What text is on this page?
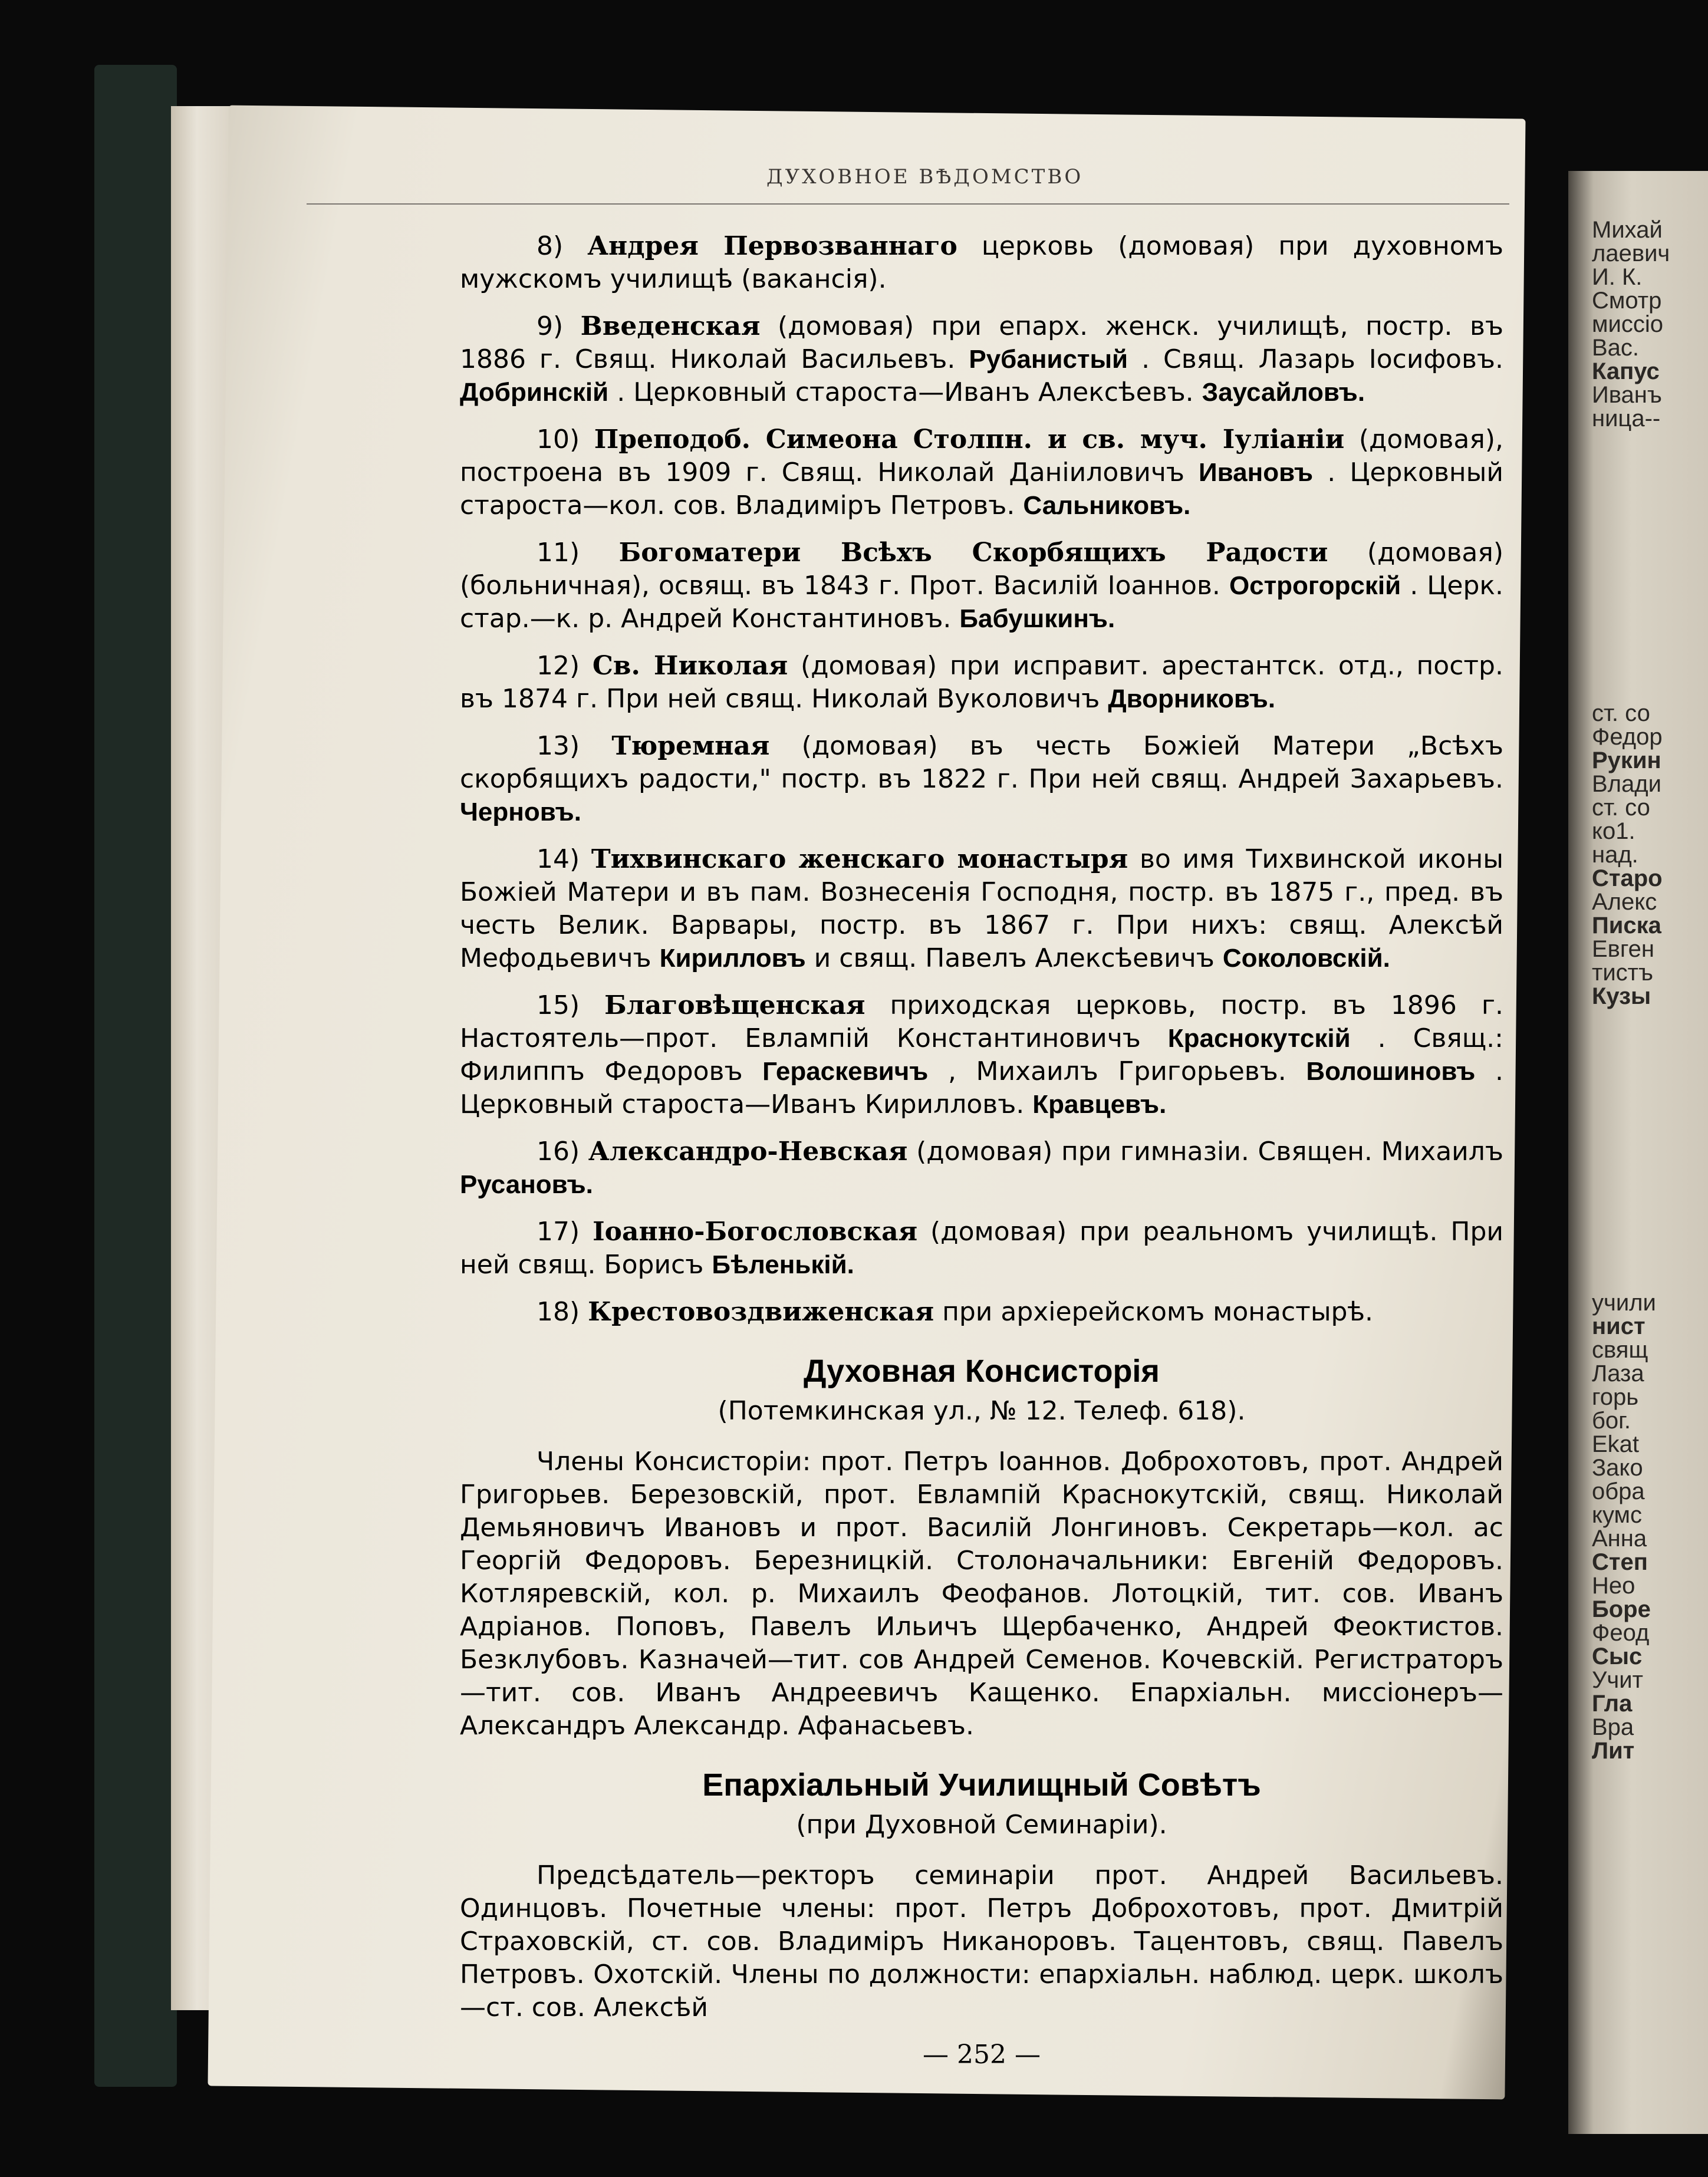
ДУХОВНОЕ ВѢДОМСТВО

8) Андрея Первозваннаго церковь (домовая) при духовномъ мужскомъ училищѣ (вакансія).

9) Введенская (домовая) при епарх. женск. училищѣ, постр. въ 1886 г. Свящ. Николай Васильевъ. Рубанистый . Свящ. Лазарь Іосифовъ. Добринскій . Церковный староста—Иванъ Алексѣевъ. Заусайловъ.

10) Преподоб. Симеона Столпн. и св. муч. Іуліаніи (домовая), построена въ 1909 г. Свящ. Николай Даніиловичъ Ивановъ . Церковный староста—кол. сов. Владиміръ Петровъ. Сальниковъ.

11) Богоматери Всѣхъ Скорбящихъ Радости (домовая) (больничная), освящ. въ 1843 г. Прот. Василій Іоаннов. Острогорскій . Церк. стар.—к. р. Андрей Константиновъ. Бабушкинъ.

12) Св. Николая (домовая) при исправит. арестантск. отд., постр. въ 1874 г. При ней свящ. Николай Вуколовичъ Дворниковъ.

13) Тюремная (домовая) въ честь Божіей Матери „Всѣхъ скорбящихъ радости," постр. въ 1822 г. При ней свящ. Андрей Захарьевъ. Черновъ.

14) Тихвинскаго женскаго монастыря во имя Тихвинской иконы Божіей Матери и въ пам. Вознесенія Господня, постр. въ 1875 г., пред. въ честь Велик. Варвары, постр. въ 1867 г. При нихъ: свящ. Алексѣй Мефодьевичъ Кирилловъ и свящ. Павелъ Алексѣевичъ Соколовскій.

15) Благовѣщенская приходская церковь, постр. въ 1896 г. Настоятель—прот. Евлампій Константиновичъ Краснокутскій . Свящ.: Филиппъ Федоровъ Гераскевичъ , Михаилъ Григорьевъ. Волошиновъ . Церковный староста—Иванъ Кирилловъ. Кравцевъ.

16) Александро-Невская (домовая) при гимназіи. Священ. Михаилъ Русановъ.

17) Іоанно-Богословская (домовая) при реальномъ училищѣ. При ней свящ. Борисъ Бѣленькій.

18) Крестовоздвиженская при архіерейскомъ монастырѣ.

Духовная Консисторія
(Потемкинская ул., № 12. Телеф. 618).

Члены Консисторіи: прот. Петръ Іоаннов. Доброхотовъ, прот. Андрей Григорьев. Березовскій, прот. Евлампій Краснокутскій, свящ. Николай Демьяновичъ Ивановъ и прот. Василій Лонгиновъ. Секретарь—кол. ас Георгій Федоровъ. Березницкій. Столоначальники: Евгеній Федоровъ. Котляревскій, кол. р. Михаилъ Феофанов. Лотоцкій, тит. сов. Иванъ Адріанов. Поповъ, Павелъ Ильичъ Щербаченко, Андрей Феоктистов. Безклубовъ. Казначей—тит. сов Андрей Семенов. Кочевскій. Регистраторъ—тит. сов. Иванъ Андреевичъ Кащенко. Епархіальн. миссіонеръ—Александръ Александр. Афанасьевъ.

Епархіальный Училищный Совѣтъ
(при Духовной Семинаріи).

Предсѣдатель—ректоръ семинаріи прот. Андрей Васильевъ. Одинцовъ. Почетные члены: прот. Петръ Доброхотовъ, прот. Дмитрій Страховскій, ст. сов. Владиміръ Никаноровъ. Тацентовъ, свящ. Павелъ Петровъ. Охотскій. Члены по должности: епархіальн. наблюд. церк. школъ—ст. сов. Алексѣй

— 252 —
Михай
лаевич
И. К.
Смотр
миссіо
Вас.
Капус
Иванъ
ница--
ст. со
Федор
Рукин
Влади
ст. со
ко1.
над.
Старо
Алекс
Писка
Евген
тистъ
Кузы
учили
нист
свящ
Лаза
горь
бог.
Ekat
Зако
обра
кумс
Анна
Степ
Нео
Боре
Феод
Сыс
Учит
Гла
Вра
Лит
